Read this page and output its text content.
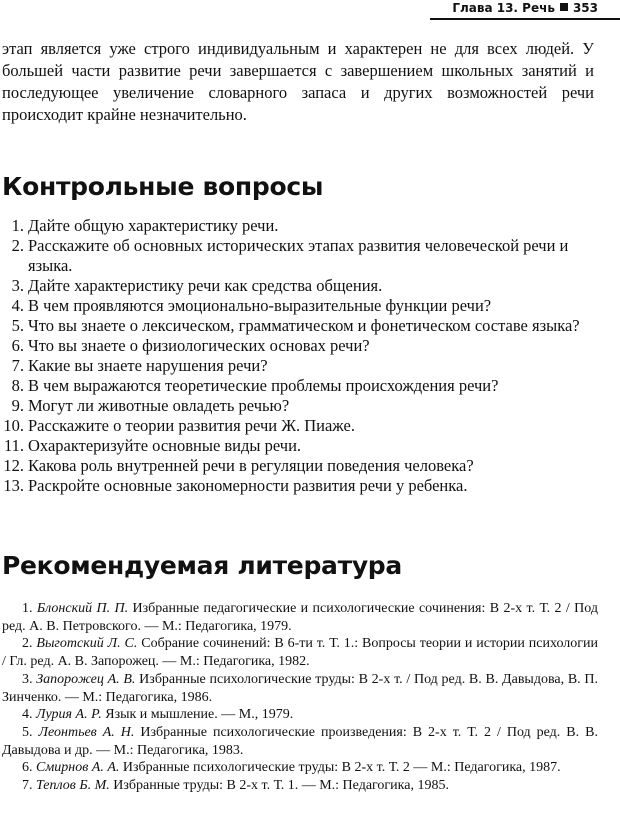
Глава 13. Речь 353

этап является уже строго индивидуальным и характерен не для всех людей. У большей части развитие речи завершается с завершением школьных занятий и последующее увеличение словарного запаса и других возможностей речи происходит крайне незначительно.

Контрольные вопросы
1. Дайте общую характеристику речи.
2. Расскажите об основных исторических этапах развития человеческой речи и языка.
3. Дайте характеристику речи как средства общения.
4. В чем проявляются эмоционально-выразительные функции речи?
5. Что вы знаете о лексическом, грамматическом и фонетическом составе языка?
6. Что вы знаете о физиологических основах речи?
7. Какие вы знаете нарушения речи?
8. В чем выражаются теоретические проблемы происхождения речи?
9. Могут ли животные овладеть речью?
10. Расскажите о теории развития речи Ж. Пиаже.
11. Охарактеризуйте основные виды речи.
12. Какова роль внутренней речи в регуляции поведения человека?
13. Раскройте основные закономерности развития речи у ребенка.
Рекомендуемая литература
1. Блонский П. П. Избранные педагогические и психологические сочинения: В 2-х т. Т. 2 / Под ред. А. В. Петровского. — М.: Педагогика, 1979.
2. Выготский Л. С. Собрание сочинений: В 6-ти т. Т. 1.: Вопросы теории и истории психологии / Гл. ред. А. В. Запорожец. — М.: Педагогика, 1982.
3. Запорожец А. В. Избранные психологические труды: В 2-х т. / Под ред. В. В. Давыдова, В. П. Зинченко. — М.: Педагогика, 1986.
4. Лурия А. Р. Язык и мышление. — М., 1979.
5. Леонтьев А. Н. Избранные психологические произведения: В 2-х т. Т. 2 / Под ред. В. В. Давыдова и др. — М.: Педагогика, 1983.
6. Смирнов А. А. Избранные психологические труды: В 2-х т. Т. 2 — М.: Педагогика, 1987.
7. Теплов Б. М. Избранные труды: В 2-х т. Т. 1. — М.: Педагогика, 1985.
